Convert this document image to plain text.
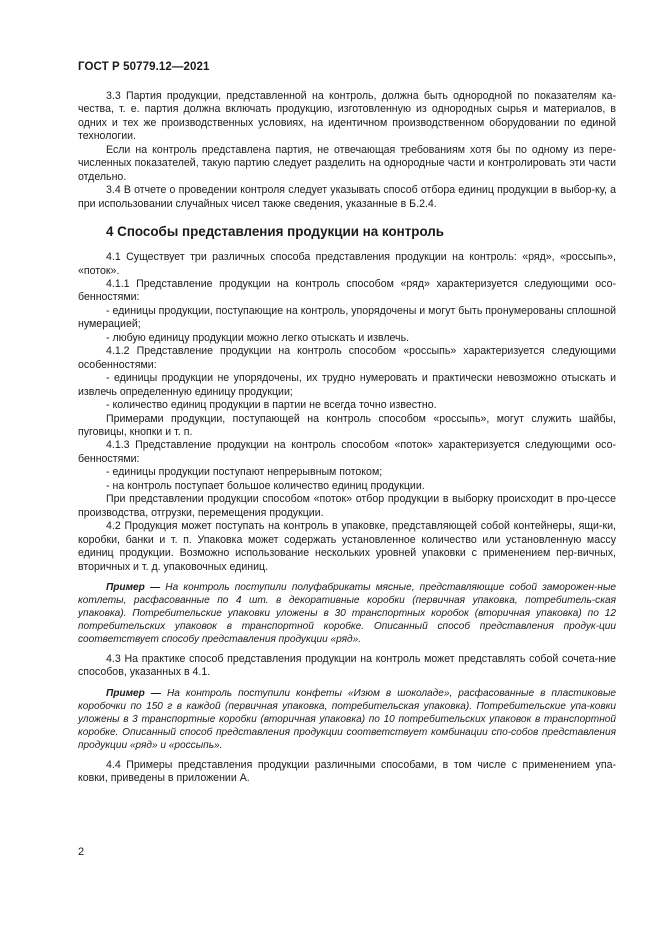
ГОСТ Р 50779.12—2021

3.3 Партия продукции, представленной на контроль, должна быть однородной по показателям ка-чества, т. е. партия должна включать продукцию, изготовленную из однородных сырья и материалов, в одних и тех же производственных условиях, на идентичном производственном оборудовании по единой технологии.

Если на контроль представлена партия, не отвечающая требованиям хотя бы по одному из пере-численных показателей, такую партию следует разделить на однородные части и контролировать эти части отдельно.

3.4 В отчете о проведении контроля следует указывать способ отбора единиц продукции в выбор-ку, а при использовании случайных чисел также сведения, указанные в Б.2.4.

4 Способы представления продукции на контроль

4.1 Существует три различных способа представления продукции на контроль: «ряд», «россыпь», «поток».

4.1.1 Представление продукции на контроль способом «ряд» характеризуется следующими осо-бенностями:

- единицы продукции, поступающие на контроль, упорядочены и могут быть пронумерованы сплошной нумерацией;

- любую единицу продукции можно легко отыскать и извлечь.

4.1.2 Представление продукции на контроль способом «россыпь» характеризуется следующими особенностями:

- единицы продукции не упорядочены, их трудно нумеровать и практически невозможно отыскать и извлечь определенную единицу продукции;

- количество единиц продукции в партии не всегда точно известно.

Примерами продукции, поступающей на контроль способом «россыпь», могут служить шайбы, пуговицы, кнопки и т. п.

4.1.3 Представление продукции на контроль способом «поток» характеризуется следующими осо-бенностями:

- единицы продукции поступают непрерывным потоком;

- на контроль поступает большое количество единиц продукции.

При представлении продукции способом «поток» отбор продукции в выборку происходит в про-цессе производства, отгрузки, перемещения продукции.

4.2 Продукция может поступать на контроль в упаковке, представляющей собой контейнеры, ящи-ки, коробки, банки и т. п. Упаковка может содержать установленное количество или установленную массу единиц продукции. Возможно использование нескольких уровней упаковки с применением пер-вичных, вторичных и т. д. упаковочных единиц.

Пример — На контроль поступили полуфабрикаты мясные, представляющие собой заморожен-ные котлеты, расфасованные по 4 шт. в декоративные коробки (первичная упаковка, потребитель-ская упаковка). Потребительские упаковки уложены в 30 транспортных коробок (вторичная упаковка) по 12 потребительских упаковок в транспортной коробке. Описанный способ представления продук-ции соответствует способу представления продукции «ряд».

4.3 На практике способ представления продукции на контроль может представлять собой сочета-ние способов, указанных в 4.1.

Пример — На контроль поступили конфеты «Изюм в шоколаде», расфасованные в пластиковые коробочки по 150 г в каждой (первичная упаковка, потребительская упаковка). Потребительские упа-ковки уложены в 3 транспортные коробки (вторичная упаковка) по 10 потребительских упаковок в транспортной коробке. Описанный способ представления продукции соответствует комбинации спо-собов представления продукции «ряд» и «россыпь».

4.4 Примеры представления продукции различными способами, в том числе с применением упа-ковки, приведены в приложении А.

2
